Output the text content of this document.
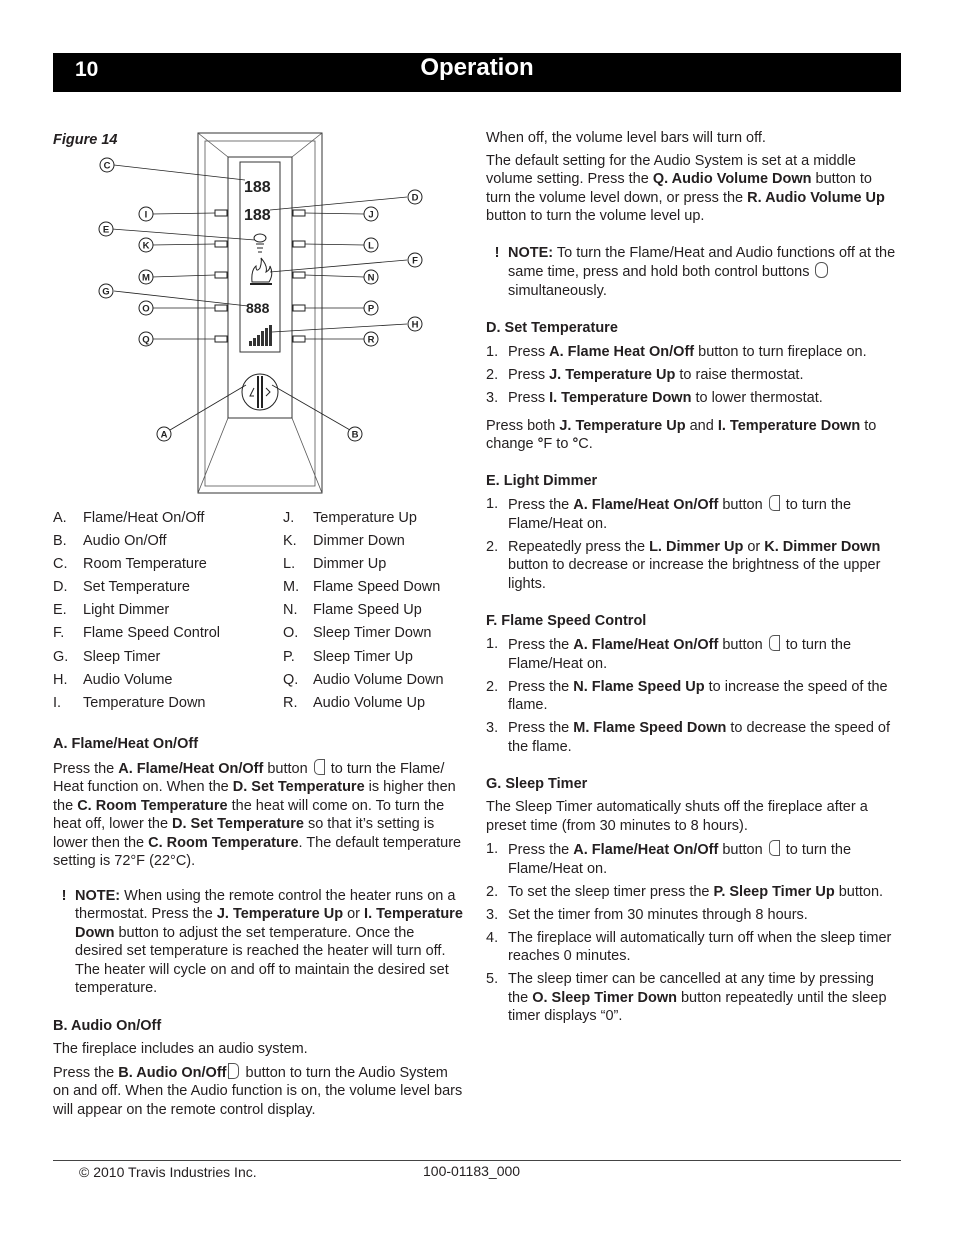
10	Operation
Figure 14
188
188
888
C
D
I	J
E
K	L
F
M	N
G
O	P
H
Q	R
A	B
A.	Flame/Heat On/Off
B.	Audio On/Off
C.	Room Temperature
D.	Set Temperature
E.	Light Dimmer
F.	Flame Speed Control
G.	Sleep Timer
H.	Audio Volume
I.	Temperature Down
J.	Temperature Up
K.	Dimmer Down
L.	Dimmer Up
M. Flame Speed Down
N.	Flame Speed Up
O.	Sleep Timer Down
P.	Sleep Timer Up
Q.	Audio Volume Down
R.	Audio Volume Up
A. Flame/Heat On/Off

Press the A. Flame/Heat On/Off button  to turn the Flame/ Heat function on. When the D. Set Temperature is higher then the C. Room Temperature the heat will come on. To turn the heat off, lower the D. Set Temperature so that it’s setting is lower then the C. Room Temperature. The default temperature setting is 72°F (22°C).

! NOTE: When using the remote control the heater runs on a thermostat. Press the J. Temperature Up or I. Temperature Down button to adjust the set temperature. Once the desired set temperature is reached the heater will turn off. The heater will cycle on and off to maintain the desired set temperature.

B. Audio On/Off

The fireplace includes an audio system.

Press the B. Audio On/Off button to turn the Audio System on and off. When the Audio function is on, the volume level bars will appear on the remote control display.

When off, the volume level bars will turn off.

The default setting for the Audio System is set at a middle volume setting. Press the Q. Audio Volume Down button to turn the volume level down, or press the R. Audio Volume Up button to turn the volume level up.

! NOTE: To turn the Flame/Heat and Audio functions off at the same time, press and hold both control buttons  simultaneously.

D. Set Temperature
1. Press A. Flame Heat On/Off button to turn fireplace on.
2. Press J. Temperature Up to raise thermostat.
3. Press I. Temperature Down to lower thermostat.

Press both J. Temperature Up and I. Temperature Down to change °F to °C.

E. Light Dimmer
1. Press the A. Flame/Heat On/Off button  to turn the Flame/Heat on.
2. Repeatedly press the L. Dimmer Up or K. Dimmer Down button to decrease or increase the brightness of the upper lights.
F. Flame Speed Control
1. Press the A. Flame/Heat On/Off button  to turn the Flame/Heat on.
2. Press the N. Flame Speed Up to increase the speed of the flame.
3. Press the M. Flame Speed Down to decrease the speed of the flame.
G. Sleep Timer

The Sleep Timer automatically shuts off the fireplace after a preset time (from 30 minutes to 8 hours).

1. Press the A. Flame/Heat On/Off button  to turn the Flame/Heat on.
2. To set the sleep timer press the P. Sleep Timer Up button.
3. Set the timer from 30 minutes through 8 hours.
4. The fireplace will automatically turn off when the sleep timer reaches 0 minutes.
5. The sleep timer can be cancelled at any time by pressing the O. Sleep Timer Down button repeatedly until the sleep timer displays “0”.
© 2010 Travis Industries Inc.	100-01183_000
